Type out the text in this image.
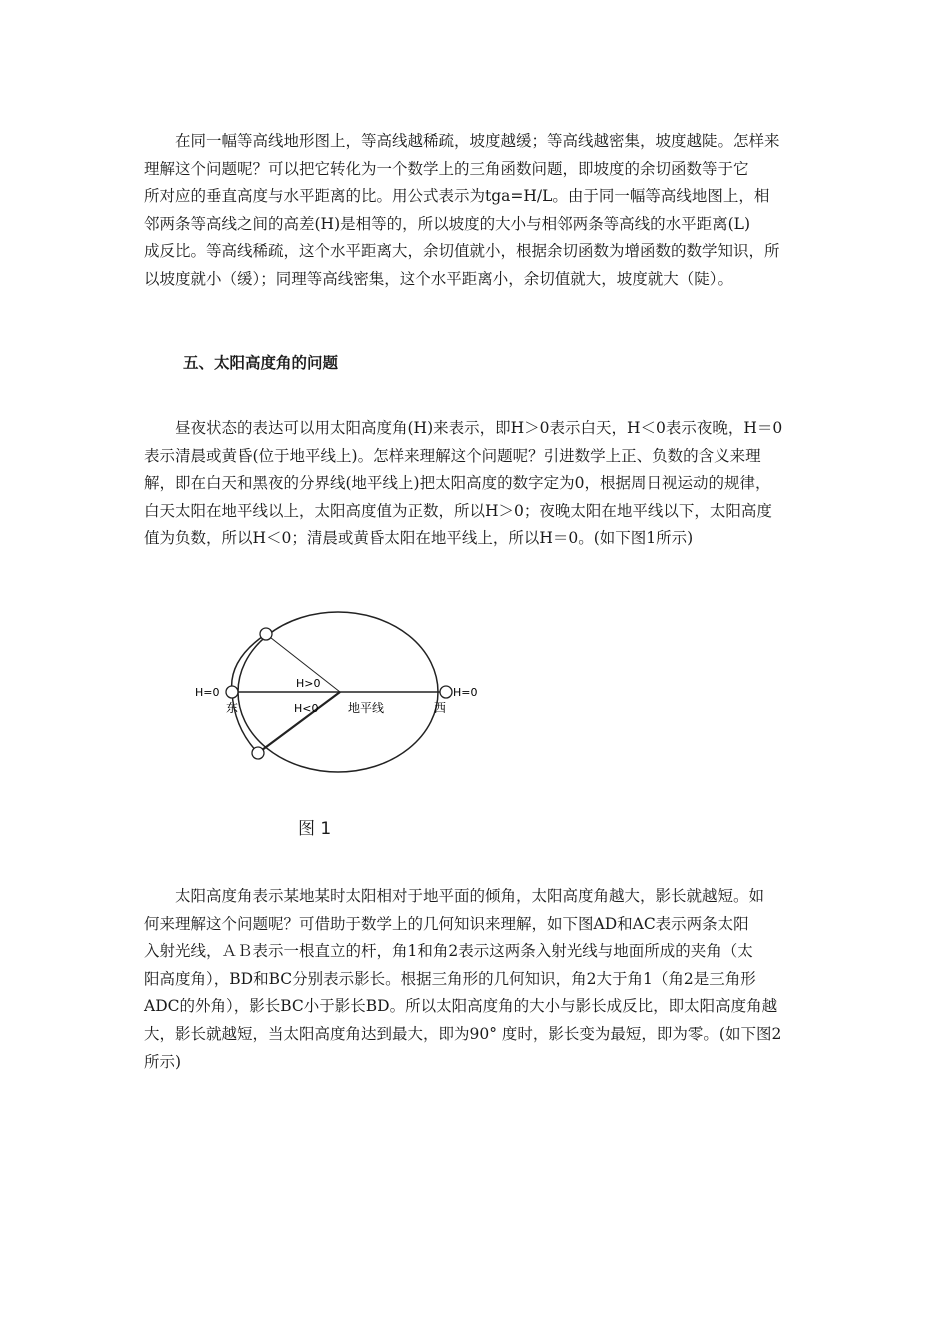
　　在同一幅等高线地形图上，等高线越稀疏，坡度越缓；等高线越密集，坡度越陡。怎样来
理解这个问题呢？可以把它转化为一个数学上的三角函数问题，即坡度的余切函数等于它
所对应的垂直高度与水平距离的比。用公式表示为tga=H/L。由于同一幅等高线地图上，相
邻两条等高线之间的高差(H)是相等的，所以坡度的大小与相邻两条等高线的水平距离(L)
成反比。等高线稀疏，这个水平距离大，余切值就小，根据余切函数为增函数的数学知识，所
以坡度就小（缓）；同理等高线密集，这个水平距离小，余切值就大，坡度就大（陡）。
五、太阳高度角的问题
　　昼夜状态的表达可以用太阳高度角(H)来表示，即H＞0表示白天，H＜0表示夜晚，H＝0
表示清晨或黄昏(位于地平线上)。怎样来理解这个问题呢？引进数学上正、负数的含义来理
解，即在白天和黑夜的分界线(地平线上)把太阳高度的数字定为0，根据周日视运动的规律，
白天太阳在地平线以上，太阳高度值为正数，所以H＞0；夜晚太阳在地平线以下，太阳高度
值为负数，所以H＜0；清晨或黄昏太阳在地平线上，所以H＝0。(如下图1所示)
H=0	H=0
H>0
H<0 地平线
东	西
图 1
　　太阳高度角表示某地某时太阳相对于地平面的倾角，太阳高度角越大，影长就越短。如
何来理解这个问题呢？可借助于数学上的几何知识来理解，如下图AD和AC表示两条太阳
入射光线，ＡＢ表示一根直立的杆，角1和角2表示这两条入射光线与地面所成的夹角（太
阳高度角），BD和BC分别表示影长。根据三角形的几何知识，角2大于角1（角2是三角形
ADC的外角），影长BC小于影长BD。所以太阳高度角的大小与影长成反比，即太阳高度角越
大，影长就越短，当太阳高度角达到最大，即为90° 度时，影长变为最短，即为零。(如下图2
所示)
